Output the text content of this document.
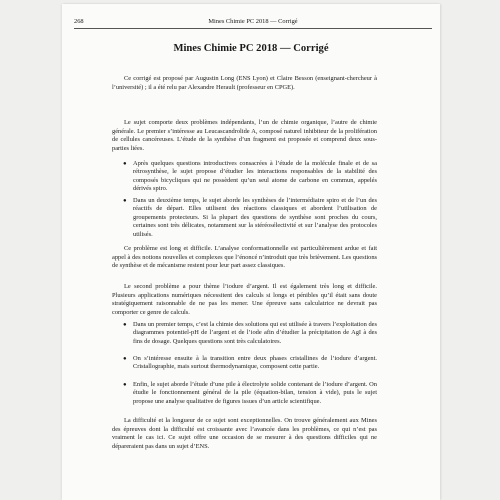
268	Mines Chimie PC 2018 — Corrigé
Mines Chimie PC 2018 — Corrigé

Ce corrigé est proposé par Augustin Long (ENS Lyon) et Claire Besson (enseignant-chercheur à l’université) ; il a été relu par Alexandre Herault (professeur en CPGE).

Le sujet comporte deux problèmes indépendants, l’un de chimie organique, l’autre de chimie générale. Le premier s’intéresse au Leucascandrolide A, composé naturel inhibiteur de la prolifération de cellules cancéreuses. L’étude de la synthèse d’un fragment est proposée et comprend deux sous-parties liées.

● Après quelques questions introductives consacrées à l’étude de la molécule finale et de sa rétrosynthèse, le sujet propose d’étudier les interactions responsables de la stabilité des composés bicycliques qui ne possèdent qu’un seul atome de carbone en commun, appelés dérivés spiro.
● Dans un deuxième temps, le sujet aborde les synthèses de l’intermédiaire spiro et de l’un des réactifs de départ. Elles utilisent des réactions classiques et abordent l’utilisation de groupements protecteurs. Si la plupart des questions de synthèse sont proches du cours, certaines sont très délicates, notamment sur la stéréosélectivité et sur l’analyse des protocoles utilisés.

Ce problème est long et difficile. L’analyse conformationnelle est particulièrement ardue et fait appel à des notions nouvelles et complexes que l’énoncé n’introduit que très brièvement. Les questions de synthèse et de mécanisme restent pour leur part assez classiques.

Le second problème a pour thème l’iodure d’argent. Il est également très long et difficile. Plusieurs applications numériques nécessitent des calculs si longs et pénibles qu’il était sans doute stratégiquement raisonnable de ne pas les mener. Une épreuve sans calculatrice ne devrait pas comporter ce genre de calculs.

● Dans un premier temps, c’est la chimie des solutions qui est utilisée à travers l’exploitation des diagrammes potentiel-pH de l’argent et de l’iode afin d’étudier la précipitation de AgI à des fins de dosage. Quelques questions sont très calculatoires.
● On s’intéresse ensuite à la transition entre deux phases cristallines de l’iodure d’argent. Cristallographie, mais surtout thermodynamique, composent cette partie.
● Enfin, le sujet aborde l’étude d’une pile à électrolyte solide contenant de l’iodure d’argent. On étudie le fonctionnement général de la pile (équation-bilan, tension à vide), puis le sujet propose une analyse qualitative de figures issues d’un article scientifique.

La difficulté et la longueur de ce sujet sont exceptionnelles. On trouve généralement aux Mines des épreuves dont la difficulté est croissante avec l’avancée dans les problèmes, ce qui n’est pas vraiment le cas ici. Ce sujet offre une occasion de se mesurer à des questions difficiles qui ne dépareraient pas dans un sujet d’ENS.
